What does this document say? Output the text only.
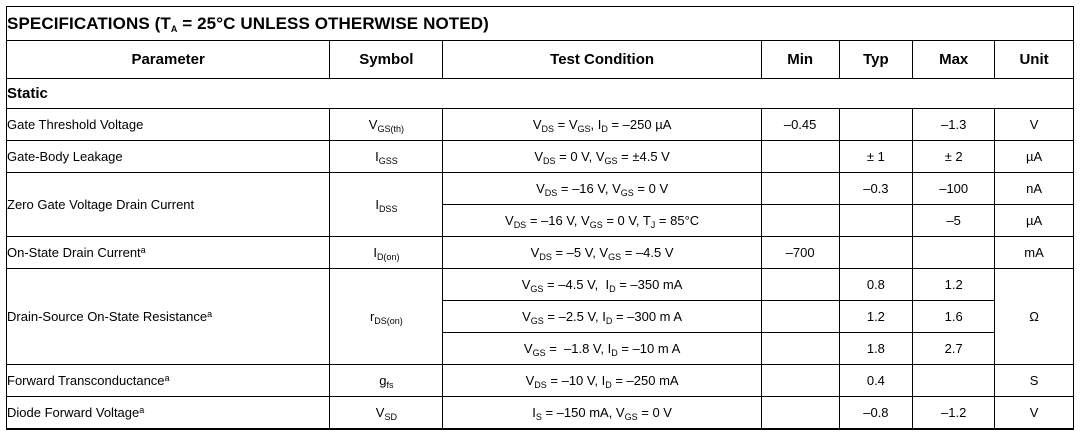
SPECIFICATIONS ($T_A = 25^\circ C$ UNLESS OTHERWISE NOTED)						
Parameter	Symbol	Test Condition	Min	Typ	Max	Unit
Static						
Gate Threshold Voltage	$V_{GS(th)}$	$V_{DS} = V_{GS}$, $I_D = -250$ µA	–0.45		–1.3	V
Gate-Body Leakage	$I_{GSS}$	$V_{DS} = 0$ V, $V_{GS} = \pm 4.5$ V		± 1	± 2	µA
Zero Gate Voltage Drain Current	$I_{DSS}$	$V_{DS} = -16$ V, $V_{GS} = 0$ V		–0.3	–100	nA
		$V_{DS} = -16$ V, $V_{GS} = 0$ V, $T_J = 85^\circ C$			–5	µA
On-State Drain Current$^a$	$I_{D(on)}$	$V_{DS} = -5$ V, $V_{GS} = -4.5$ V	–700			mA
Drain-Source On-State Resistance$^a$	$r_{DS(on)}$	$V_{GS} = -4.5$ V,  $I_D = -350$ mA		0.8	1.2	Ω
		$V_{GS} = -2.5$ V, $I_D = -300$ m A		1.2	1.6	
		$V_{GS} = -1.8$ V, $I_D = -10$ m A		1.8	2.7	
Forward Transconductance$^a$	$g_{fs}$	$V_{DS} = -10$ V, $I_D = -250$ mA		0.4		S
Diode Forward Voltage$^a$	$V_{SD}$	$I_S = -150$ mA, $V_{GS} = 0$ V		–0.8	–1.2	V
